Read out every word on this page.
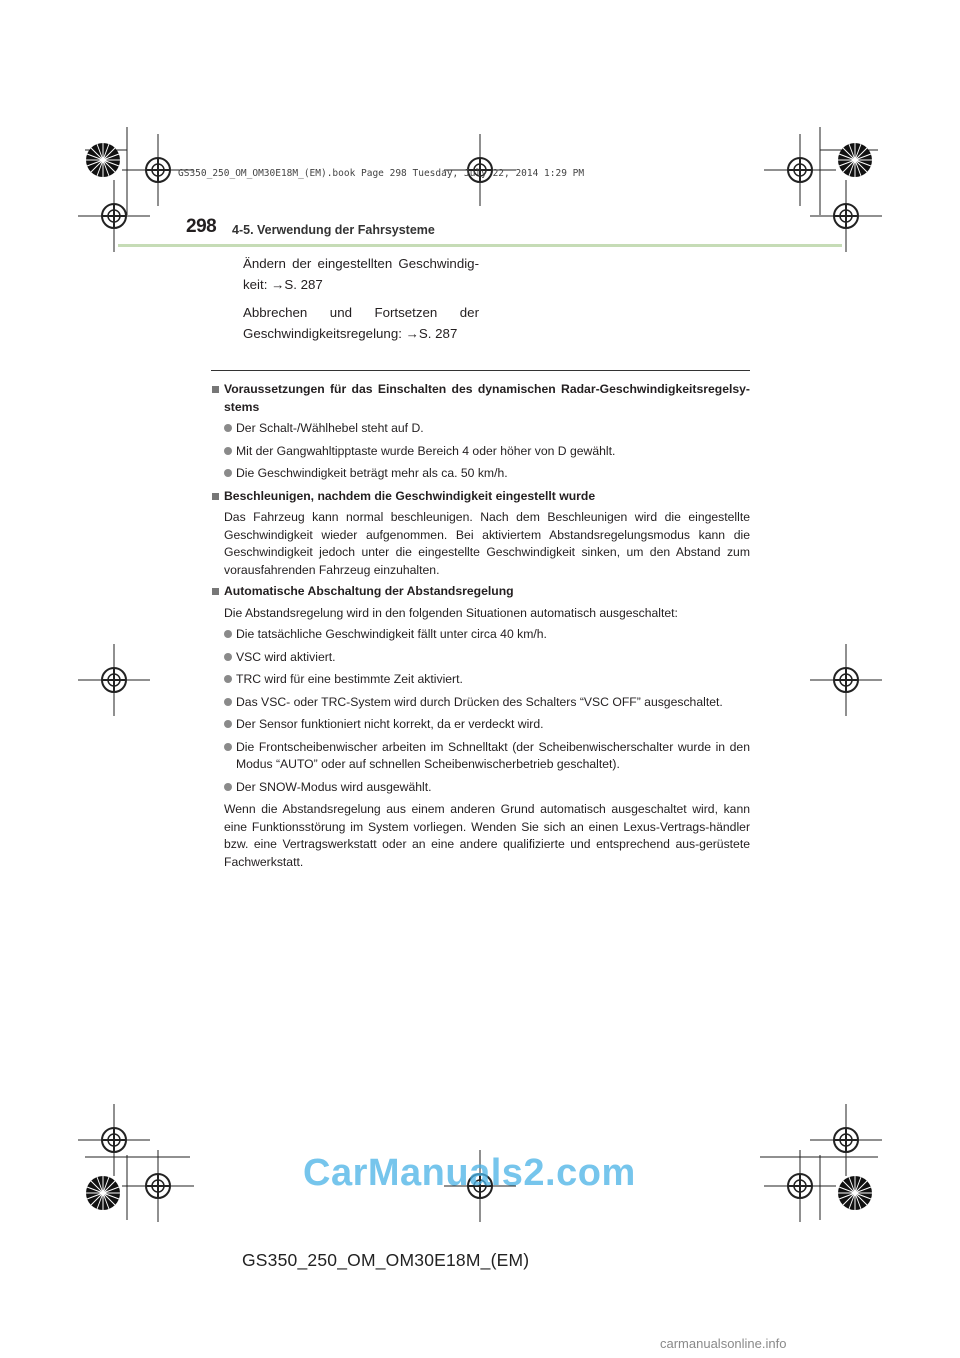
GS350_250_OM_OM30E18M_(EM).book Page 298 Tuesday, July 22, 2014 1:29 PM
298 4-5. Verwendung der Fahrsysteme
Ändern der eingestellten Geschwindig-
keit: →S. 287
Abbrechen und Fortsetzen der
Geschwindigkeitsregelung: →S. 287
Voraussetzungen für das Einschalten des dynamischen Radar-Geschwindigkeitsregelsy-stems
Der Schalt-/Wählhebel steht auf D.
Mit der Gangwahltipptaste wurde Bereich 4 oder höher von D gewählt.
Die Geschwindigkeit beträgt mehr als ca. 50 km/h.
Beschleunigen, nachdem die Geschwindigkeit eingestellt wurde
Das Fahrzeug kann normal beschleunigen. Nach dem Beschleunigen wird die eingestellte Geschwindigkeit wieder aufgenommen. Bei aktiviertem Abstandsregelungsmodus kann die Geschwindigkeit jedoch unter die eingestellte Geschwindigkeit sinken, um den Abstand zum vorausfahrenden Fahrzeug einzuhalten.
Automatische Abschaltung der Abstandsregelung
Die Abstandsregelung wird in den folgenden Situationen automatisch ausgeschaltet:
Die tatsächliche Geschwindigkeit fällt unter circa 40 km/h.
VSC wird aktiviert.
TRC wird für eine bestimmte Zeit aktiviert.
Das VSC- oder TRC-System wird durch Drücken des Schalters “VSC OFF” ausgeschaltet.
Der Sensor funktioniert nicht korrekt, da er verdeckt wird.
Die Frontscheibenwischer arbeiten im Schnelltakt (der Scheibenwischerschalter wurde in den Modus “AUTO” oder auf schnellen Scheibenwischerbetrieb geschaltet).
Der SNOW-Modus wird ausgewählt.
Wenn die Abstandsregelung aus einem anderen Grund automatisch ausgeschaltet wird, kann eine Funktionsstörung im System vorliegen. Wenden Sie sich an einen Lexus-Vertrags-händler bzw. eine Vertragswerkstatt oder an eine andere qualifizierte und entsprechend aus-gerüstete Fachwerkstatt.
CarManuals2.com
GS350_250_OM_OM30E18M_(EM)
carmanualsonline.info
